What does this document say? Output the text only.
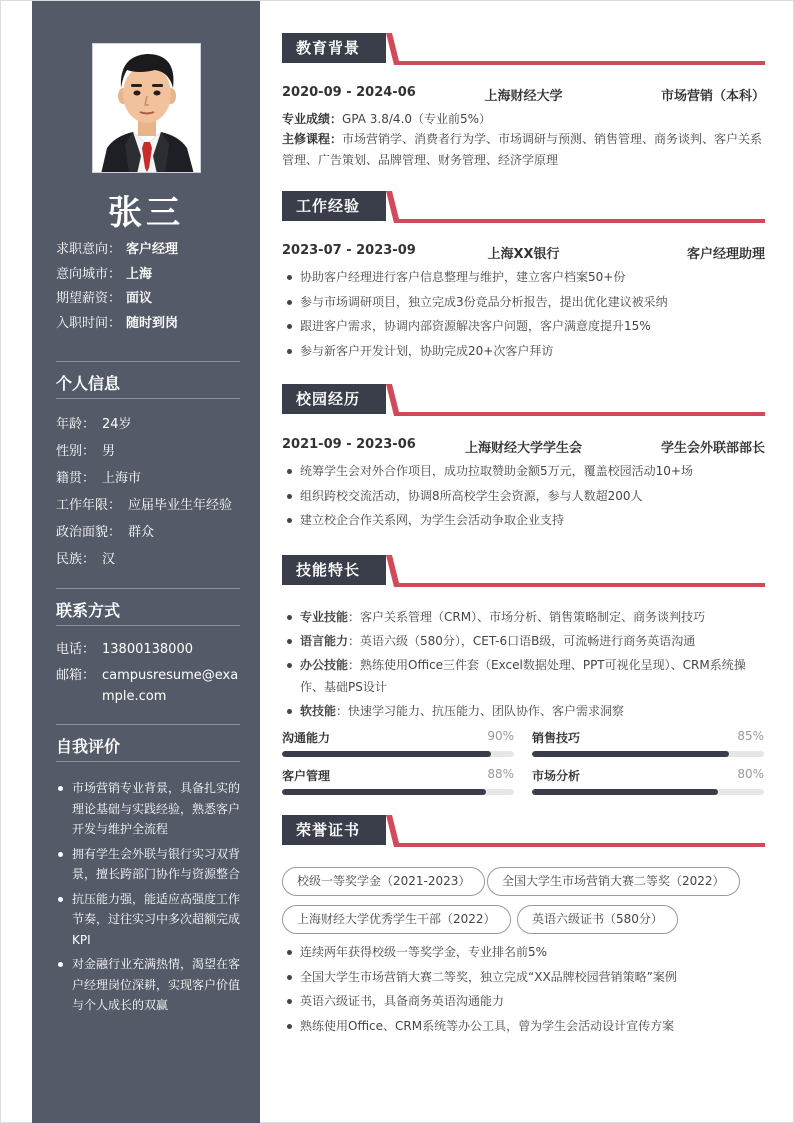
张三
求职意向： 客户经理
意向城市： 上海
期望薪资： 面议
入职时间： 随时到岗
个人信息
年龄： 24岁
性别： 男
籍贯： 上海市
工作年限： 应届毕业生年经验
政治面貌： 群众
民族： 汉
联系方式
电话： 13800138000
邮箱： campusresume@example.com
自我评价
市场营销专业背景，具备扎实的理论基础与实践经验，熟悉客户开发与维护全流程
拥有学生会外联与银行实习双背景，擅长跨部门协作与资源整合
抗压能力强，能适应高强度工作节奏，过往实习中多次超额完成KPI
对金融行业充满热情，渴望在客户经理岗位深耕，实现客户价值与个人成长的双赢
教育背景
2020-09 - 2024-06	上海财经大学	市场营销（本科）
专业成绩：GPA 3.8/4.0（专业前5%）
主修课程：市场营销学、消费者行为学、市场调研与预测、销售管理、商务谈判、客户关系管理、广告策划、品牌管理、财务管理、经济学原理
工作经验
2023-07 - 2023-09	上海XX银行	客户经理助理
协助客户经理进行客户信息整理与维护，建立客户档案50+份
参与市场调研项目，独立完成3份竞品分析报告，提出优化建议被采纳
跟进客户需求，协调内部资源解决客户问题，客户满意度提升15%
参与新客户开发计划，协助完成20+次客户拜访
校园经历
2021-09 - 2023-06	上海财经大学学生会	学生会外联部部长
统筹学生会对外合作项目，成功拉取赞助金额5万元，覆盖校园活动10+场
组织跨校交流活动，协调8所高校学生会资源，参与人数超200人
建立校企合作关系网，为学生会活动争取企业支持
技能特长
专业技能：客户关系管理（CRM）、市场分析、销售策略制定、商务谈判技巧
语言能力：英语六级（580分），CET-6口语B级，可流畅进行商务英语沟通
办公技能：熟练使用Office三件套（Excel数据处理、PPT可视化呈现）、CRM系统操作、基础PS设计
软技能：快速学习能力、抗压能力、团队协作、客户需求洞察
沟通能力	90% 销售技巧	85%
客户管理	88% 市场分析	80%
荣誉证书
校级一等奖学金（2021-2023）	全国大学生市场营销大赛二等奖（2022）
上海财经大学优秀学生干部（2022）	英语六级证书（580分）
连续两年获得校级一等奖学金，专业排名前5%
全国大学生市场营销大赛二等奖，独立完成“XX品牌校园营销策略”案例
英语六级证书，具备商务英语沟通能力
熟练使用Office、CRM系统等办公工具，曾为学生会活动设计宣传方案
